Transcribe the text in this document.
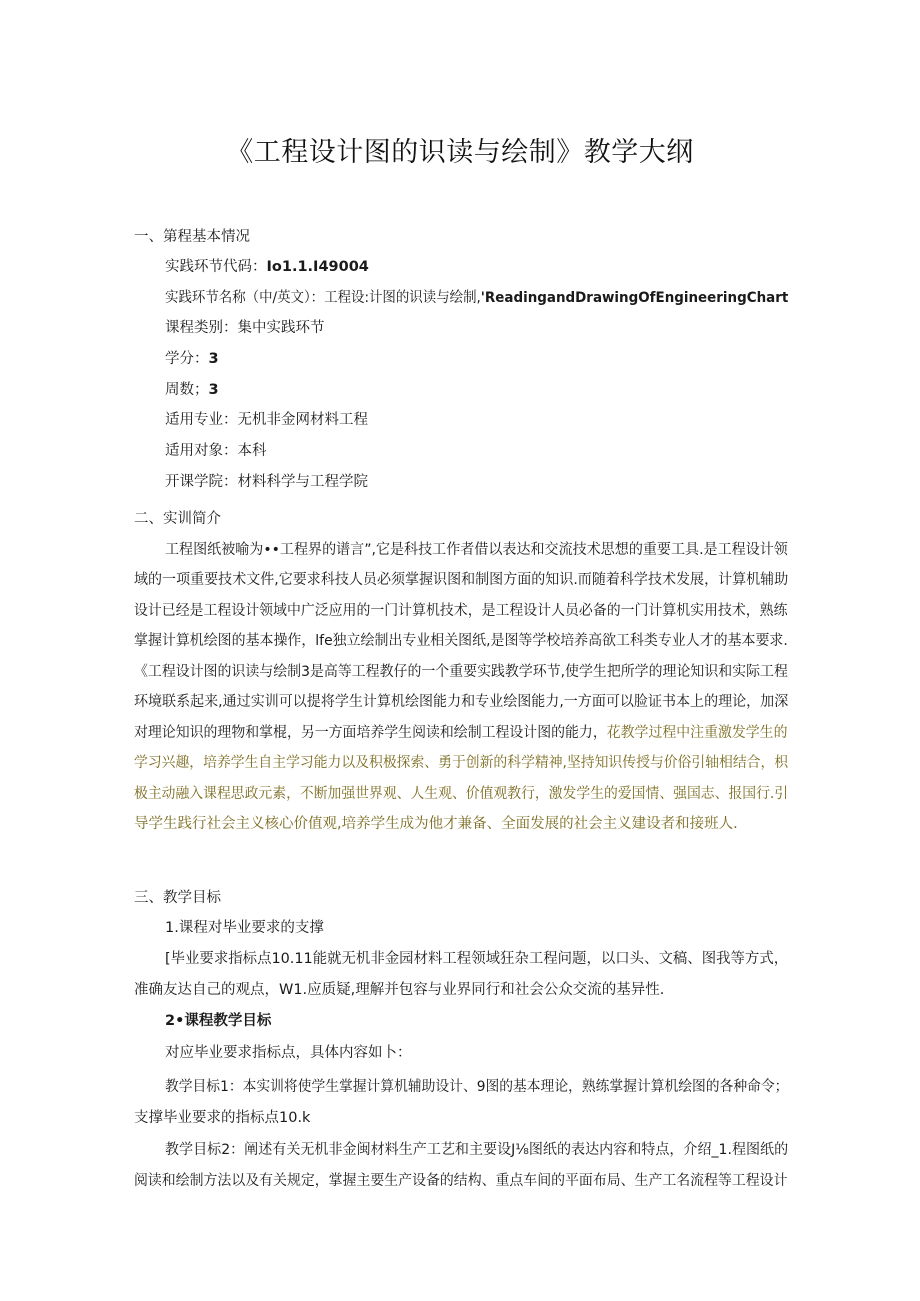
《工程设计图的识读与绘制》教学大纲
一、第程基本情况
实践环节代码：Io1.1.I49004
实践环节名称（中/英文）：工程设:计图的识读与绘制,'ReadingandDrawingOfEngineeringChart
课程类别：集中实践环节
学分：3
周数；3
适用专业：无机非金网材料工程
适用对象：本科
开课学院：材料科学与工程学院
二、实训简介
工程图纸被喻为••工程界的谱言”,它是科技工作者借以表达和交流技术思想的重要工具.是工程设计领
域的一项重要技术文件,它要求科技人员必须掌握识图和制图方面的知识.而随着科学技术发展，计算机辅助
设计已经是工程设计领域中广泛应用的一门计算机技术，是工程设计人员必备的一门计算机实用技术，熟练
掌握计算机绘图的基本操作，lfe独立绘制出专业相关图纸,是图等学校培养高欲工科类专业人才的基本要求.
《工程设计图的识读与绘制3是高等工程教仔的一个重要实践教学环节,使学生把所学的理论知识和实际工程
环境联系起来,通过实训可以提将学生计算机绘图能力和专业绘图能力,一方面可以脸证书本上的理论，加深
对理论知识的理物和掌棍，另一方面培养学生阅读和绘制工程设计图的能力，花教学过程中注重激发学生的
学习兴趣，培养学生自主学习能力以及积极探索、勇于创新的科学精神,坚持知识传授与价俗引轴相结合，枳
极主动融入课程思政元素，不断加强世界观、人生观、价值观教行，激发学生的爱国情、强国志、报国行.引
导学生践行社会主义核心价值观,培养学生成为他才兼备、全面发展的社会主义建设者和接班人.
三、教学目标
1.课程对毕业要求的支撑
[毕业要求指标点10.11能就无机非金园材料工程领域狂杂工程问题，以口头、文稿、图我等方式，
准确友达自己的观点，W1.应质疑,理解并包容与业界同行和社会公众交流的基异性.
2•课程教学目标
对应毕业要求指标点，具体内容如卜：
教学目标1：本实训将使学生掌握计算机辅助设计、9图的基本理论，熟练掌握计算机绘图的各种命令；
支撑毕业要求的指标点10.k
教学目标2：阐述有关无机非金闽材料生产工艺和主要设J⅛图纸的表达内容和特点，介绍_1.程图纸的
阅读和绘制方法以及有关规定，掌握主要生产设备的结构、重点车间的平面布局、生产工名流程等工程设计
